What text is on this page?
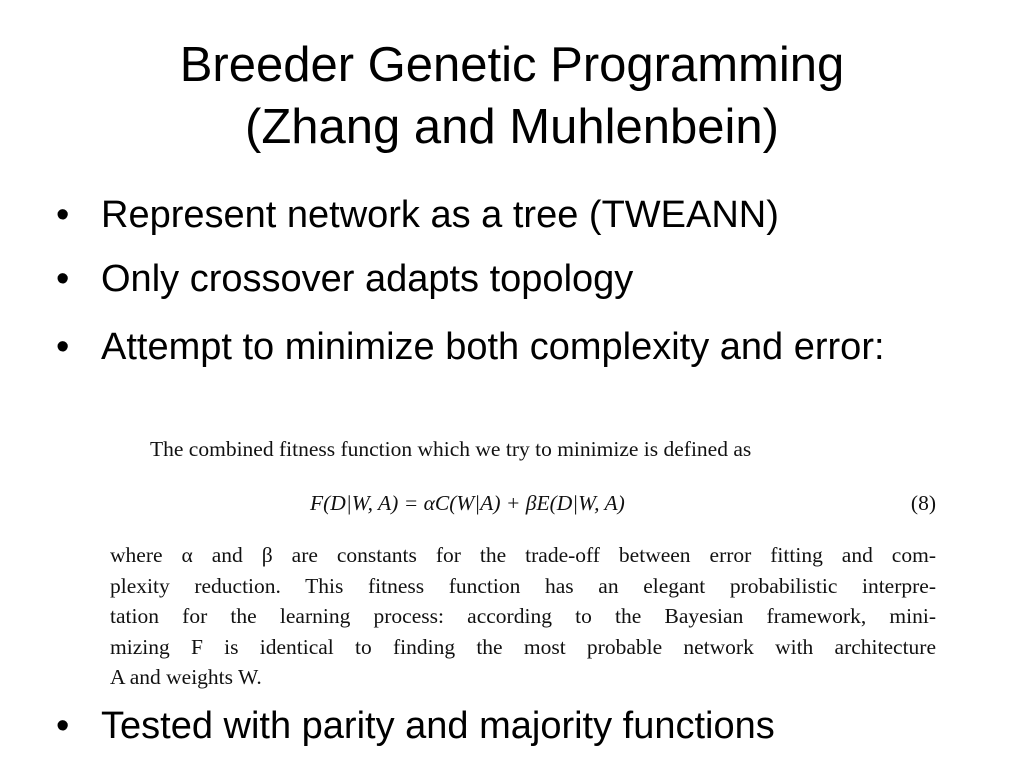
Breeder Genetic Programming
(Zhang and Muhlenbein)
• Represent network as a tree (TWEANN)
• Only crossover adapts topology
• Attempt to minimize both complexity and error:
The combined fitness function which we try to minimize is defined as
F(D|W, A) = αC(W|A) + βE(D|W, A)	(8)
where α and β are constants for the trade-off between error fitting and com-
plexity reduction. This fitness function has an elegant probabilistic interpre-
tation for the learning process: according to the Bayesian framework, mini-
mizing F is identical to finding the most probable network with architecture
A and weights W.
• Tested with parity and majority functions
